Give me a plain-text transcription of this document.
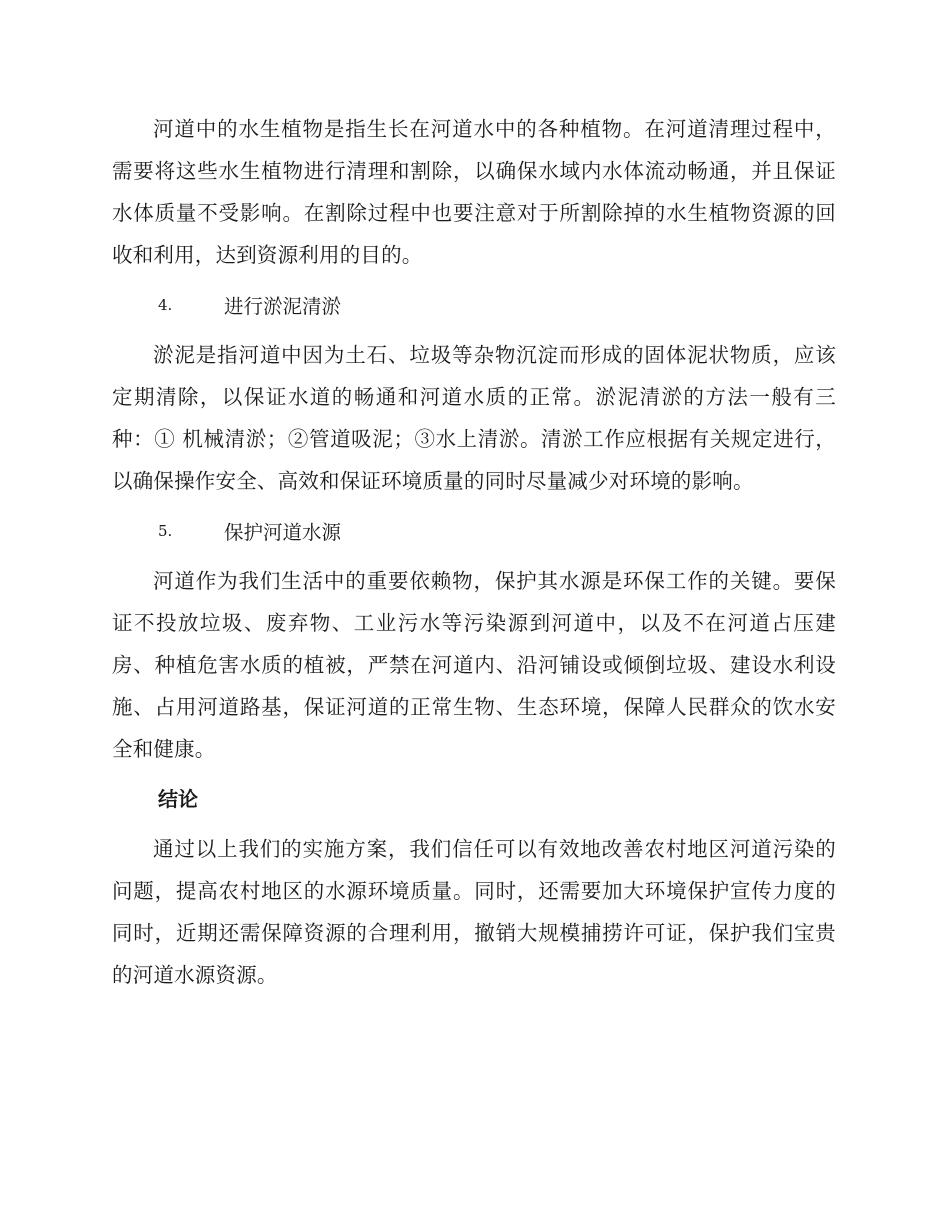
河道中的水生植物是指生长在河道水中的各种植物。在河道清理过程中，需要将这些水生植物进行清理和割除，以确保水域内水体流动畅通，并且保证水体质量不受影响。在割除过程中也要注意对于所割除掉的水生植物资源的回收和利用，达到资源利用的目的。

4.	进行淤泥清淤

淤泥是指河道中因为土石、垃圾等杂物沉淀而形成的固体泥状物质，应该定期清除，以保证水道的畅通和河道水质的正常。淤泥清淤的方法一般有三种：① 机械清淤；②管道吸泥；③水上清淤。清淤工作应根据有关规定进行，以确保操作安全、高效和保证环境质量的同时尽量减少对环境的影响。

5.	保护河道水源

河道作为我们生活中的重要依赖物，保护其水源是环保工作的关键。要保证不投放垃圾、废弃物、工业污水等污染源到河道中，以及不在河道占压建房、种植危害水质的植被，严禁在河道内、沿河铺设或倾倒垃圾、建设水利设施、占用河道路基，保证河道的正常生物、生态环境，保障人民群众的饮水安全和健康。

结论

通过以上我们的实施方案，我们信任可以有效地改善农村地区河道污染的问题，提高农村地区的水源环境质量。同时，还需要加大环境保护宣传力度的同时，近期还需保障资源的合理利用，撤销大规模捕捞许可证，保护我们宝贵的河道水源资源。
